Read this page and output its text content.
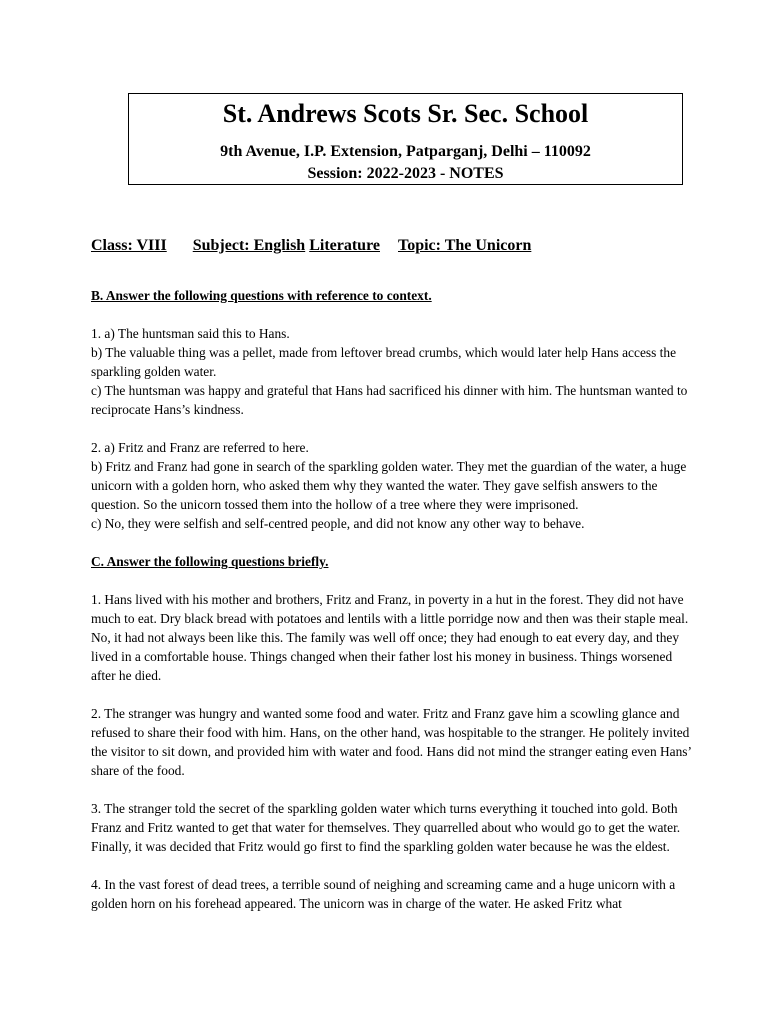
St. Andrews Scots Sr. Sec. School
9th Avenue, I.P. Extension, Patparganj, Delhi – 110092
Session: 2022-2023 - NOTES
Class: VIII Subject: English Literature Topic: The Unicorn

B. Answer the following questions with reference to context.

1. a) The huntsman said this to Hans.

b) The valuable thing was a pellet, made from leftover bread crumbs, which would later help Hans access the sparkling golden water.

c) The huntsman was happy and grateful that Hans had sacrificed his dinner with him. The huntsman wanted to reciprocate Hans’s kindness.

2. a) Fritz and Franz are referred to here.

b) Fritz and Franz had gone in search of the sparkling golden water. They met the guardian of the water, a huge unicorn with a golden horn, who asked them why they wanted the water. They gave selfish answers to the question. So the unicorn tossed them into the hollow of a tree where they were imprisoned.

c) No, they were selfish and self-centred people, and did not know any other way to behave.

C. Answer the following questions briefly.

1. Hans lived with his mother and brothers, Fritz and Franz, in poverty in a hut in the forest. They did not have much to eat. Dry black bread with potatoes and lentils with a little porridge now and then was their staple meal. No, it had not always been like this. The family was well off once; they had enough to eat every day, and they lived in a comfortable house. Things changed when their father lost his money in business. Things worsened after he died.

2. The stranger was hungry and wanted some food and water. Fritz and Franz gave him a scowling glance and refused to share their food with him. Hans, on the other hand, was hospitable to the stranger. He politely invited the visitor to sit down, and provided him with water and food. Hans did not mind the stranger eating even Hans’ share of the food.

3. The stranger told the secret of the sparkling golden water which turns everything it touched into gold. Both Franz and Fritz wanted to get that water for themselves. They quarrelled about who would go to get the water. Finally, it was decided that Fritz would go first to find the sparkling golden water because he was the eldest.

4. In the vast forest of dead trees, a terrible sound of neighing and screaming came and a huge unicorn with a golden horn on his forehead appeared. The unicorn was in charge of the water. He asked Fritz what
